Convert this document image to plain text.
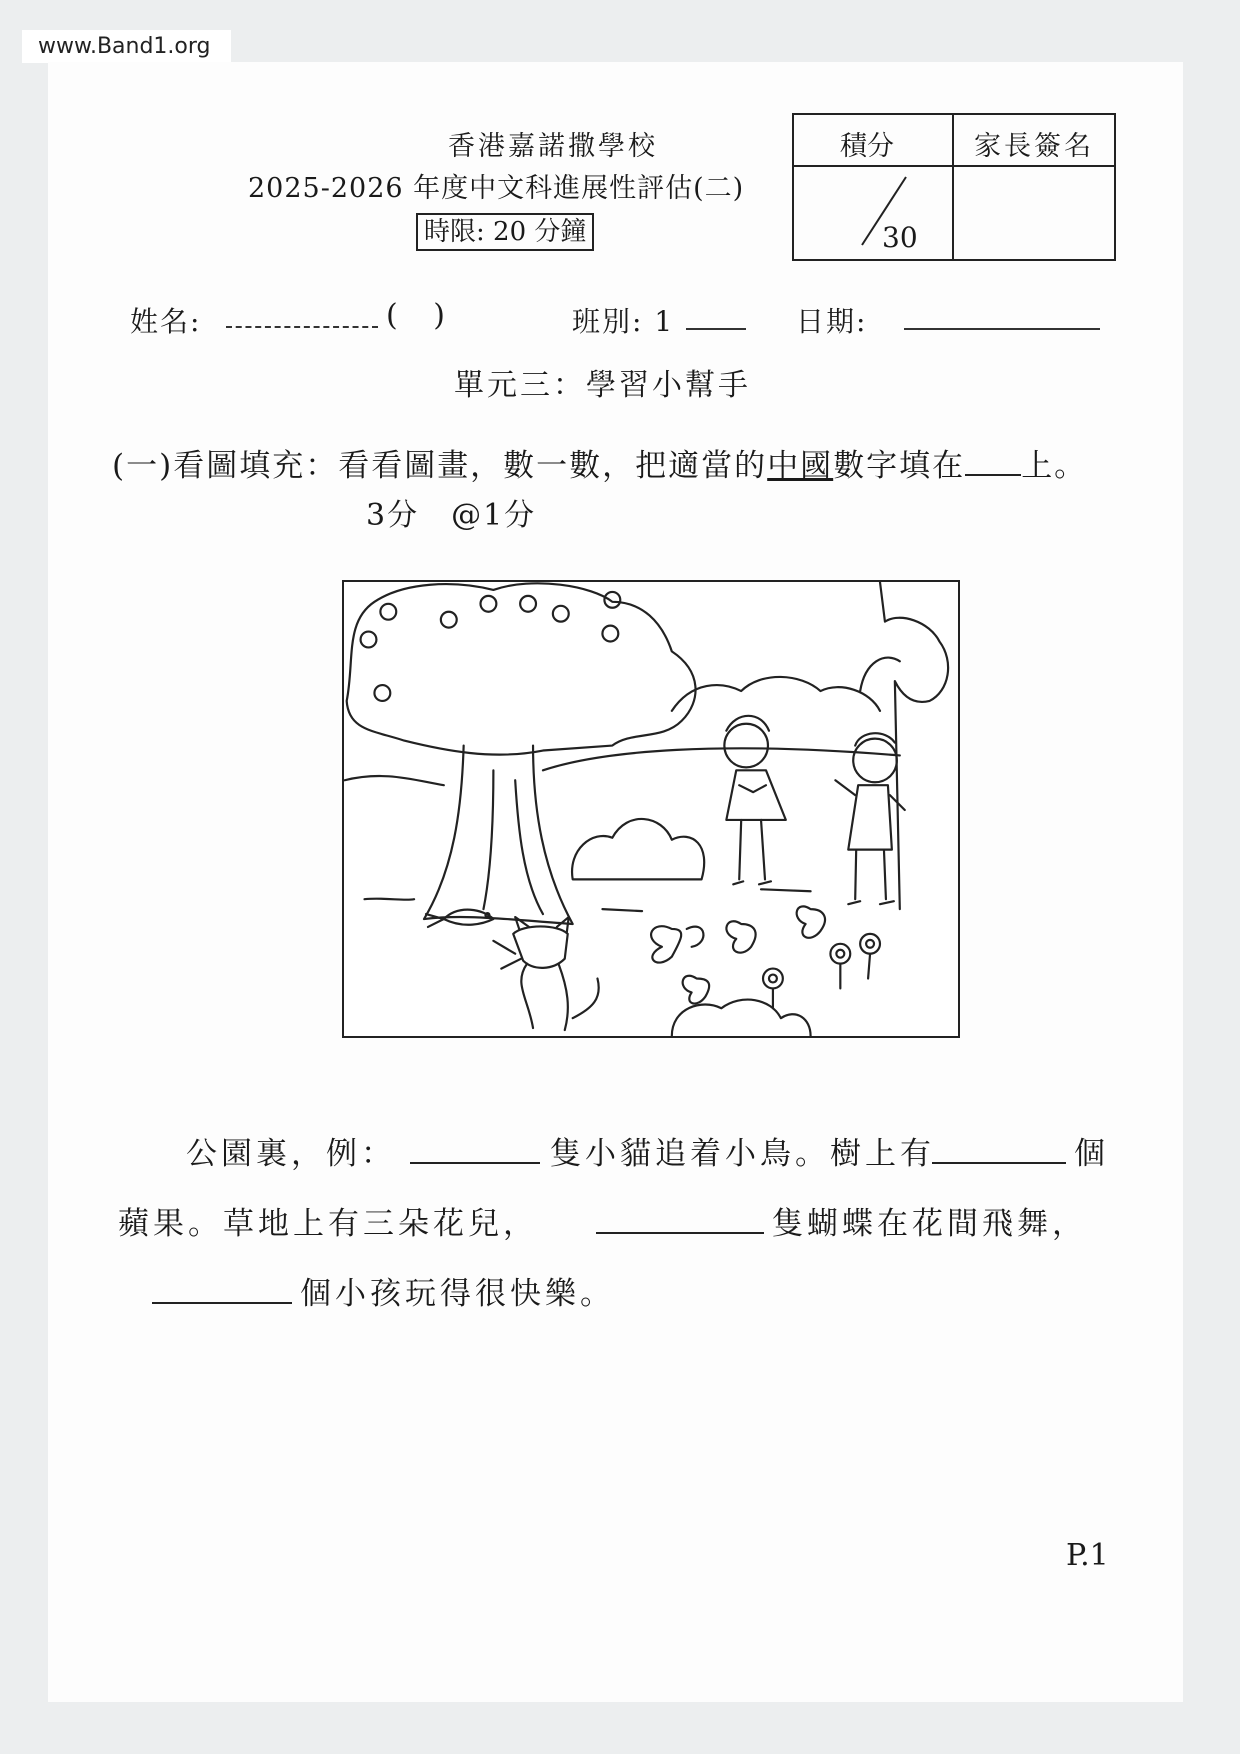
www.Band1.org
香港嘉諾撒學校
2025-2026 年度中文科進展性評估(二)
時限: 20 分鐘
積分	家長簽名
30
姓名:	( )	班別: 1	日期:
單元三：學習小幫手
(一)看圖填充：看看圖畫，數一數，把適當的中國數字填在 上。
3分　@1分
公園裏，例：	隻小貓追着小鳥。樹上有	個
蘋果。草地上有三朵花兒，	隻蝴蝶在花間飛舞，
個小孩玩得很快樂。
P.1
